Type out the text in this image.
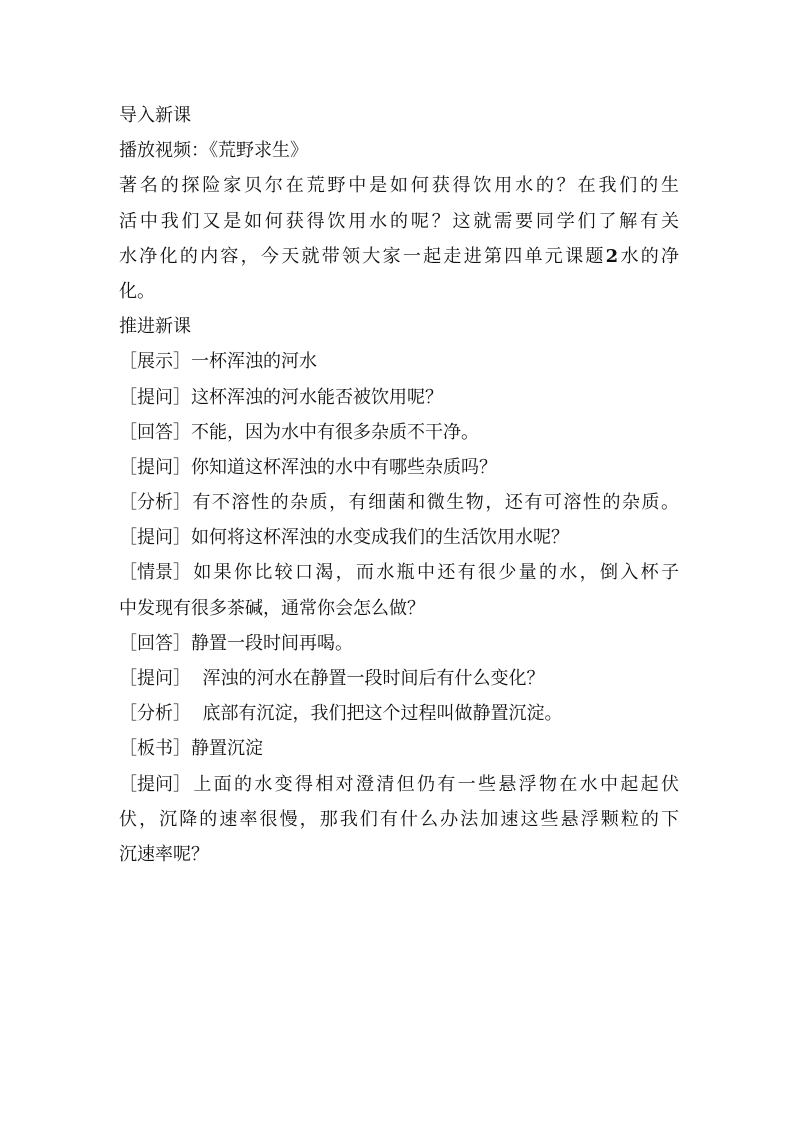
导入新课

播放视频：《荒野求生》

著名的探险家贝尔在荒野中是如何获得饮用水的？在我们的生

活中我们又是如何获得饮用水的呢？这就需要同学们了解有关

水净化的内容，今天就带领大家一起走进第四单元课题2水的净

化。

推进新课

［展示］一杯浑浊的河水

［提问］这杯浑浊的河水能否被饮用呢？

［回答］不能，因为水中有很多杂质不干净。

［提问］你知道这杯浑浊的水中有哪些杂质吗？

［分析］有不溶性的杂质，有细菌和微生物，还有可溶性的杂质。

［提问］如何将这杯浑浊的水变成我们的生活饮用水呢？

［情景］如果你比较口渴，而水瓶中还有很少量的水，倒入杯子

中发现有很多茶碱，通常你会怎么做？

［回答］静置一段时间再喝。

［提问］  浑浊的河水在静置一段时间后有什么变化？

［分析］  底部有沉淀，我们把这个过程叫做静置沉淀。

［板书］静置沉淀

［提问］上面的水变得相对澄清但仍有一些悬浮物在水中起起伏

伏，沉降的速率很慢，那我们有什么办法加速这些悬浮颗粒的下

沉速率呢？
